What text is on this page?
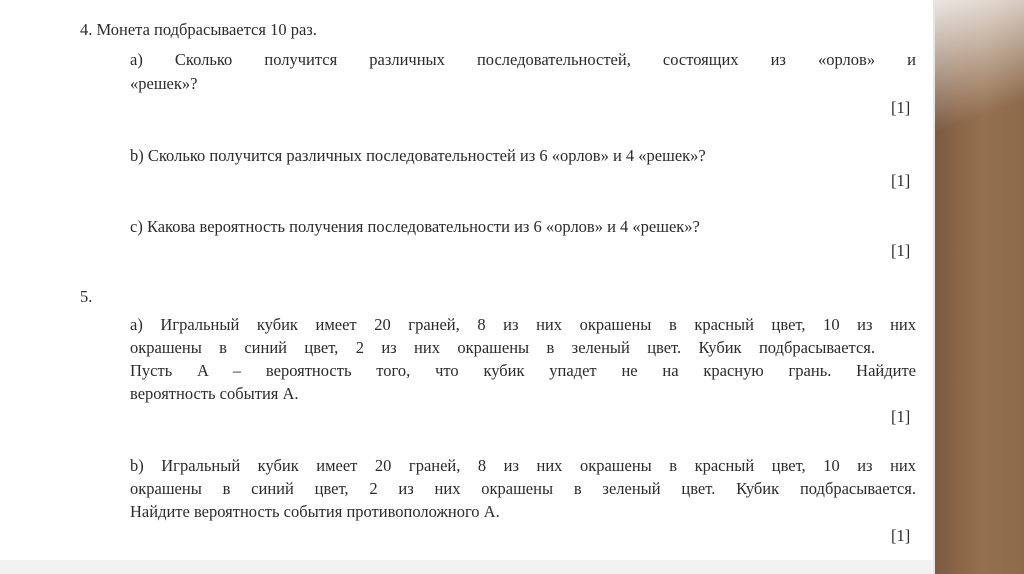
4. Монета подбрасывается 10 раз.
a) Сколько получится различных последовательностей, состоящих из «орлов» и
«решек»?
[1]
b) Сколько получится различных последовательностей из 6 «орлов» и 4 «решек»?
[1]
c) Какова вероятность получения последовательности из 6 «орлов» и 4 «решек»?
[1]
5.
a) Игральный кубик имеет 20 граней, 8 из них окрашены в красный цвет, 10 из них
окрашены в синий цвет, 2 из них окрашены в зеленый цвет. Кубик подбрасывается.
Пусть A – вероятность того, что кубик упадет не на красную грань. Найдите
вероятность события A.
[1]
b) Игральный кубик имеет 20 граней, 8 из них окрашены в красный цвет, 10 из них
окрашены в синий цвет, 2 из них окрашены в зеленый цвет. Кубик подбрасывается.
Найдите вероятность события противоположного A.
[1]
